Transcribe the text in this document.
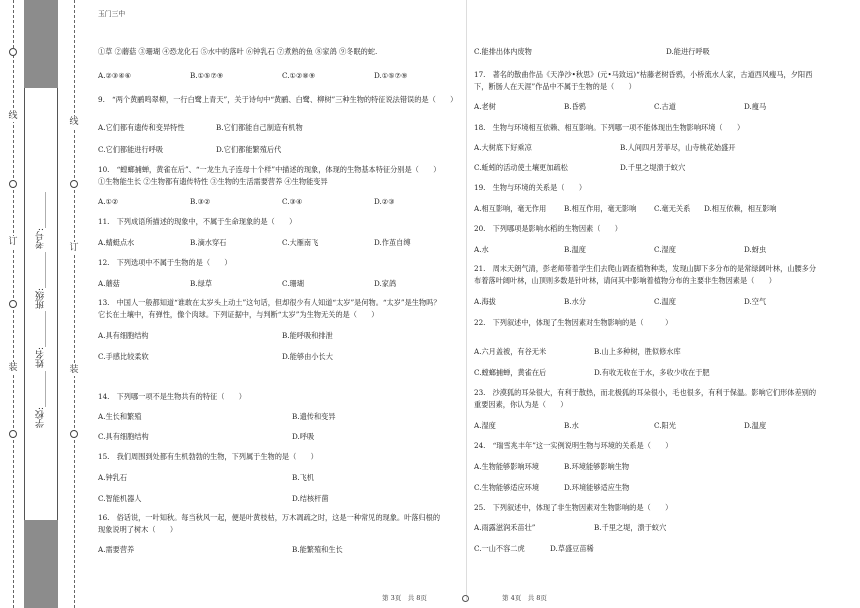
线
订
装
线
订
装
学校:________ 姓名:________ 班级:________ 考号:________
玉门三中
①草 ②蘑菇 ③珊瑚 ④恐龙化石 ⑤水中的落叶 ⑥钟乳石 ⑦煮熟的鱼 ⑧家鸽 ⑨冬眠的蛇.
A.②③④⑥	B.①⑤⑦⑨	C.①②⑧⑨	D.①⑤⑦⑨
9.　“两个黄鹂鸣翠柳，一行白鹭上青天”，关于诗句中“黄鹂、白鹭、柳树”三种生物的特征说法错误的是（　　）
A.它们都有遗传和变异特性	B.它们都能自己制造有机物
C.它们都能进行呼吸	D.它们都能繁殖后代
10.　“螳螂捕蝉，黄雀在后”、“一龙生九子连母十个样”中描述的现象，体现的生物基本特征分别是（　　）
①生物能生长 ②生物都有遗传特性 ③生物的生活需要营养 ④生物能变异
A.①②	B.③②	C.③④	D.②③
11.　下列成语所描述的现象中，不属于生命现象的是（　　）
A.蜻蜓点水	B.滴水穿石	C.大雁南飞	D.作茧自缚
12.　下列选项中不属于生物的是（　　）
A.蘑菇	B.绿草	C.珊瑚	D.家鸽
13.　中国人一般都知道“谁敢在太岁头上动土”这句话，但却很少有人知道“太岁”是何物。“太岁”是生物吗？
它长在土壤中，有弹性，像个肉球。下列证据中，与判断“太岁”为生物无关的是（　　）
A.具有细胞结构	B.能呼吸和排泄
C.手感比较柔软	D.能够由小长大
14.　下列哪一项不是生物共有的特征（　　）
A.生长和繁殖	B.遗传和变异
C.具有细胞结构	D.呼吸
15.　我们周围到处都有生机勃勃的生物，下列属于生物的是（　　）
A.钟乳石	B.飞机
C.智能机器人	D.结核杆菌
16.　俗话说，一叶知秋。每当秋风一起，便是叶黄枝枯，万木凋疏之时，这是一种常见的现象。叶落归根的
现象说明了树木（　　）
A.需要营养	B.能繁殖和生长
第 3页　共 8页
C.能排出体内废物	D.能进行呼吸
17.　著名的散曲作品《天净沙•秋思》(元•马致远)“枯藤老树昏鸦，小桥流水人家，古道西风瘦马，夕阳西
下，断肠人在天涯”作品中不属于生物的是（　　）
A.老树	B.昏鸦	C.古道	D.瘦马
18.　生物与环境相互依赖、相互影响。下列哪一项不能体现出生物影响环境（　　）
A.大树底下好乘凉	B.人间四月芳菲尽，山寺桃花始盛开
C.蚯蚓的活动使土壤更加疏松	D.千里之堤溃于蚁穴
19.　生物与环境的关系是（　　）
A.相互影响，毫无作用 B.相互作用，毫无影响 C.毫无关系 D.相互依赖，相互影响
20.　下列哪项是影响水稻的生物因素（　　）
A.水	B.温度	C.湿度	D.蚜虫
21.　周末天朗气清，彭老师带着学生们去爬山调查植物种类，发现山脚下多分布的是常绿阔叶林，山腰多分
布着落叶阔叶林，山顶则多数是针叶林，请问其中影响着植物分布的主要非生物因素是（　　）
A.海拔	B.水分	C.温度	D.空气
22.　下列叙述中，体现了生物因素对生物影响的是（　　　）
A.六月盖被，有谷无米	B.山上多种树，胜似修水库
C.螳螂捕蝉，黄雀在后	D.有收无收在于水，多收少收在于肥
23.　沙漠狐的耳朵很大，有利于散热，而北极狐的耳朵很小，毛也很多，有利于保温。影响它们形体差别的
重要因素，你认为是（　　）
A.湿度	B.水	C.阳光	D.温度
24.　“瑞雪兆丰年”这一实例说明生物与环境的关系是（　　）
A.生物能够影响环境	B.环境能够影响生物
C.生物能够适应环境	D.环境能够适应生物
25.　下列叙述中，体现了非生物因素对生物影响的是（　　）
A.雨露滋润禾苗壮”	B.千里之堤，溃于蚁穴
C.一山不容二虎	D.草盛豆苗稀
第 4页　共 8页
